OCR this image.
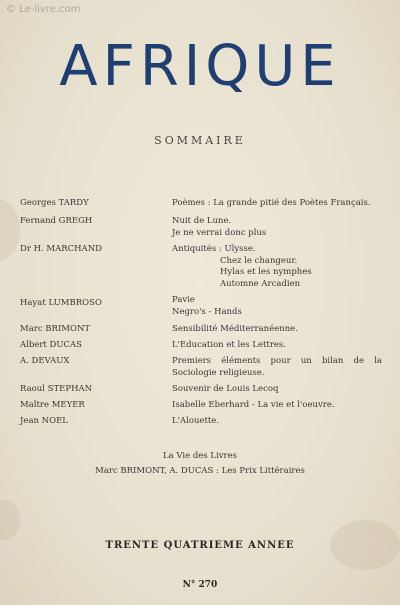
© Le-livre.com
AFRIQUE
SOMMAIRE
Georges TARDY	Poèmes : La grande pitié des Poètes Français.
Fernand GREGH	Nuit de Lune.
Je ne verrai donc plus
Dr H. MARCHAND	Antiquités : Ulysse.
Chez le changeur.
Hylas et les nymphes
Automne Arcadien
Hayat LUMBROSO	Pavie
Negro's - Hands
Marc BRIMONT	Sensibilité Méditerranéenne.
Albert DUCAS	L'Education et les Lettres.
A. DEVAUX	Premiers éléments pour un bilan de la Sociologie religieuse.
Raoul STEPHAN	Souvenir de Louis Lecoq
Maître MEYER	Isabelle Eberhard - La vie et l'oeuvre.
Jean NOEL	L'Alouette.
La Vie des Livres
Marc BRIMONT, A. DUCAS : Les Prix Littéraires
TRENTE QUATRIEME ANNEE
N° 270
